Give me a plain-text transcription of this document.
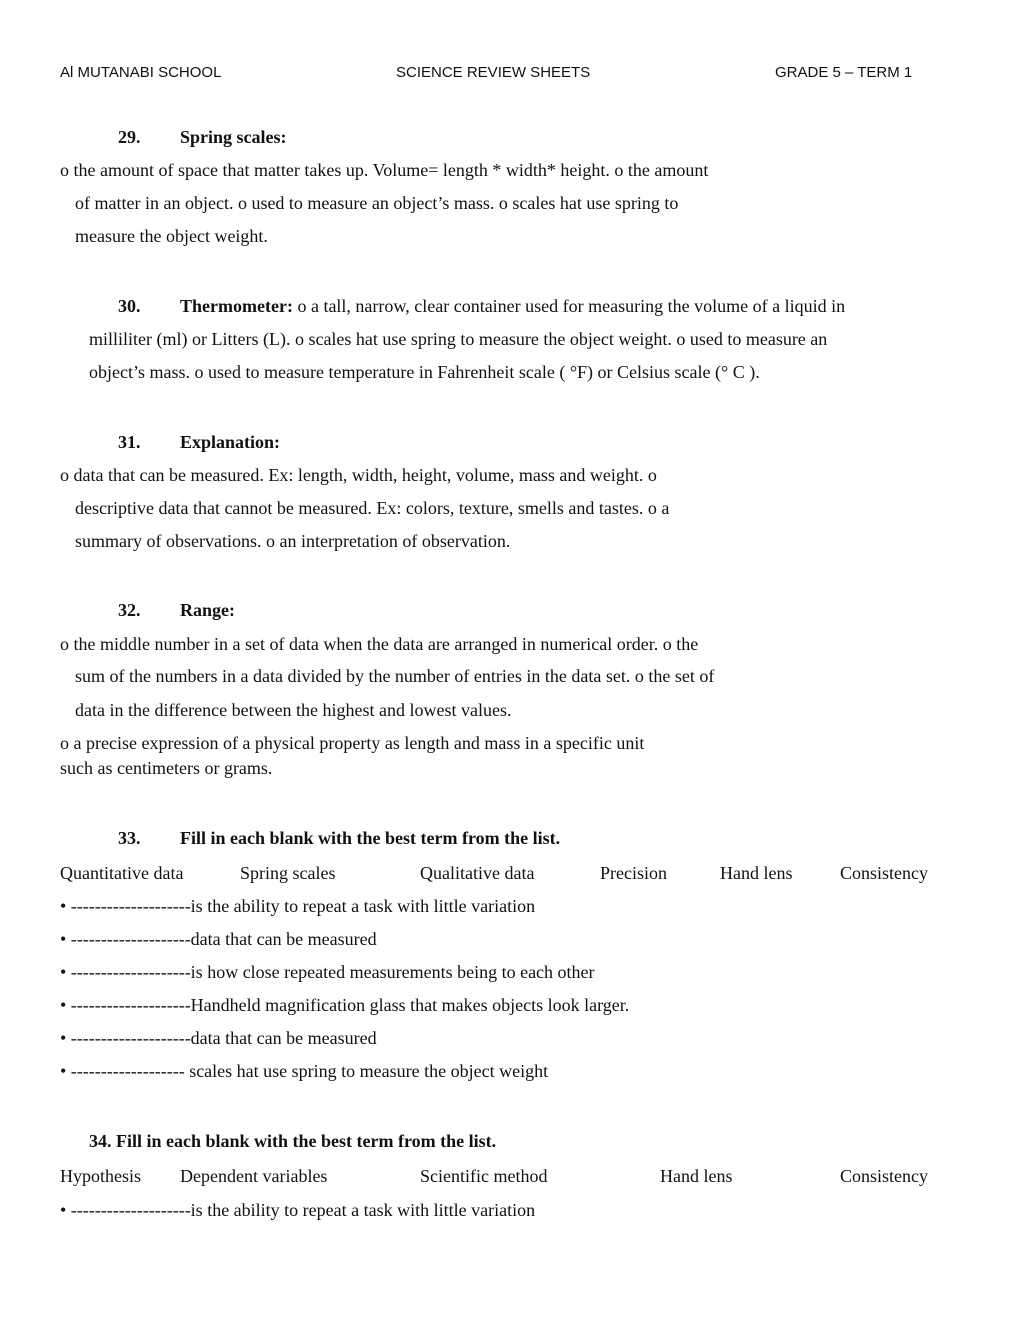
Al MUTANABI SCHOOL	SCIENCE REVIEW SHEETS	GRADE 5 – TERM 1
29. Spring scales:
o the amount of space that matter takes up. Volume= length * width* height. o the amount
of matter in an object. o used to measure an object’s mass. o scales hat use spring to
measure the object weight.
30. Thermometer: o a tall, narrow, clear container used for measuring the volume of a liquid in
milliliter (ml) or Litters (L). o scales hat use spring to measure the object weight. o used to measure an
object’s mass. o used to measure temperature in Fahrenheit scale ( °F) or Celsius scale (° C ).
31. Explanation:
o data that can be measured. Ex: length, width, height, volume, mass and weight. o
descriptive data that cannot be measured. Ex: colors, texture, smells and tastes. o a
summary of observations. o an interpretation of observation.
32. Range:
o the middle number in a set of data when the data are arranged in numerical order. o the
sum of the numbers in a data divided by the number of entries in the data set. o the set of
data in the difference between the highest and lowest values.
o a precise expression of a physical property as length and mass in a specific unit
such as centimeters or grams.
33. Fill in each blank with the best term from the list.
Quantitative data	Spring scales	Qualitative data	Precision	Hand lens	Consistency
• --------------------is the ability to repeat a task with little variation
• --------------------data that can be measured
• --------------------is how close repeated measurements being to each other
• --------------------Handheld magnification glass that makes objects look larger.
• --------------------data that can be measured
• ------------------- scales hat use spring to measure the object weight
34. Fill in each blank with the best term from the list.
Hypothesis Dependent variables	Scientific method	Hand lens	Consistency
• --------------------is the ability to repeat a task with little variation
